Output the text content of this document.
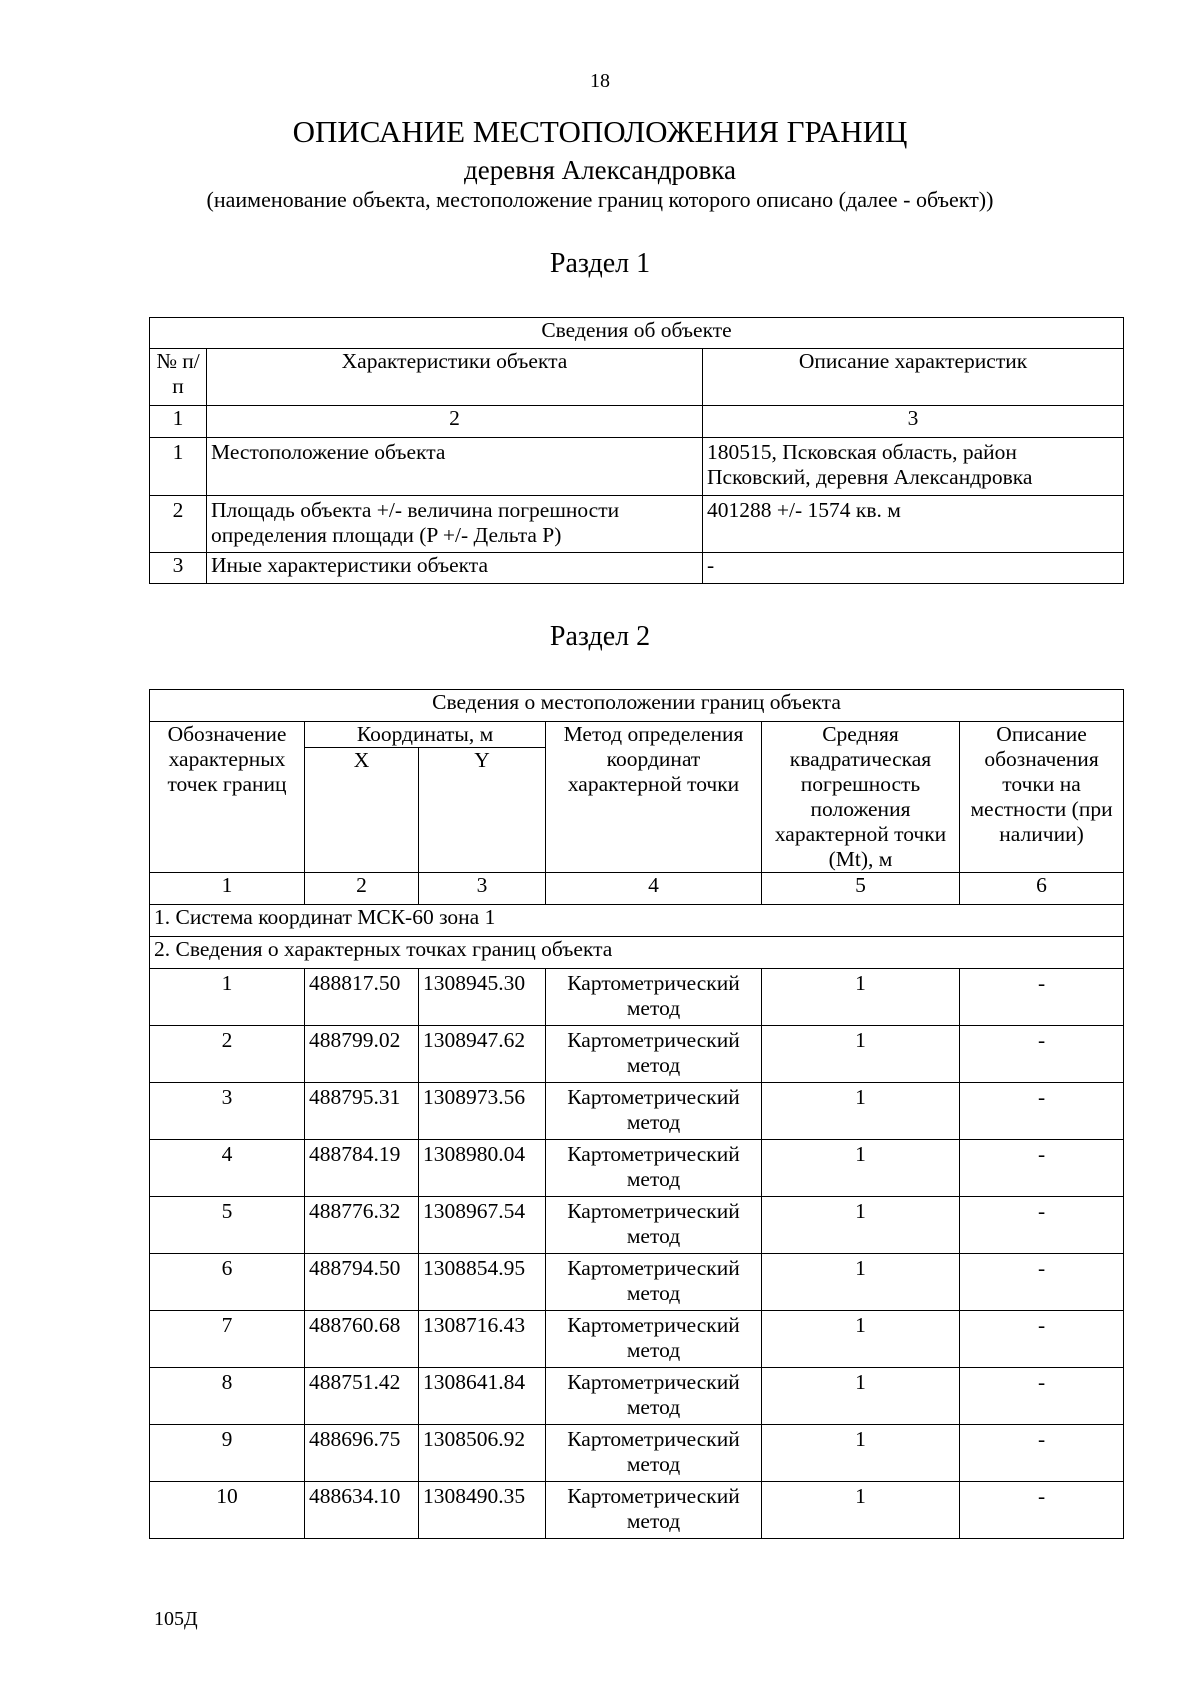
18
ОПИСАНИЕ МЕСТОПОЛОЖЕНИЯ ГРАНИЦ
деревня Александровка
(наименование объекта, местоположение границ которого описано (далее - объект))
Раздел 1
Сведения об объекте		
№ п/п	Характеристики объекта	Описание характеристик
1	2	3
1	Местоположение объекта	180515, Псковская область, район Псковский, деревня Александровка
2	Площадь объекта +/- величина погрешности определения площади (P +/- Дельта P)	401288 +/- 1574 кв. м
3	Иные характеристики объекта	-
Раздел 2
Сведения о местоположении границ объекта					
Обозначение характерных точек границ	Координаты, м		Метод определения координат характерной точки	Средняя квадратическая погрешность положения характерной точки (Mt), м	Описание обозначения точки на местности (при наличии)
	X	Y			

1	2	3	4	5	6
1. Система координат МСК-60 зона 1					
2. Сведения о характерных точках границ объекта					
1	488817.50	1308945.30	Картометрический метод	1	-
2	488799.02	1308947.62	Картометрический метод	1	-
3	488795.31	1308973.56	Картометрический метод	1	-
4	488784.19	1308980.04	Картометрический метод	1	-
5	488776.32	1308967.54	Картометрический метод	1	-
6	488794.50	1308854.95	Картометрический метод	1	-
7	488760.68	1308716.43	Картометрический метод	1	-
8	488751.42	1308641.84	Картометрический метод	1	-
9	488696.75	1308506.92	Картометрический метод	1	-
10	488634.10	1308490.35	Картометрический метод	1	-
105Д
